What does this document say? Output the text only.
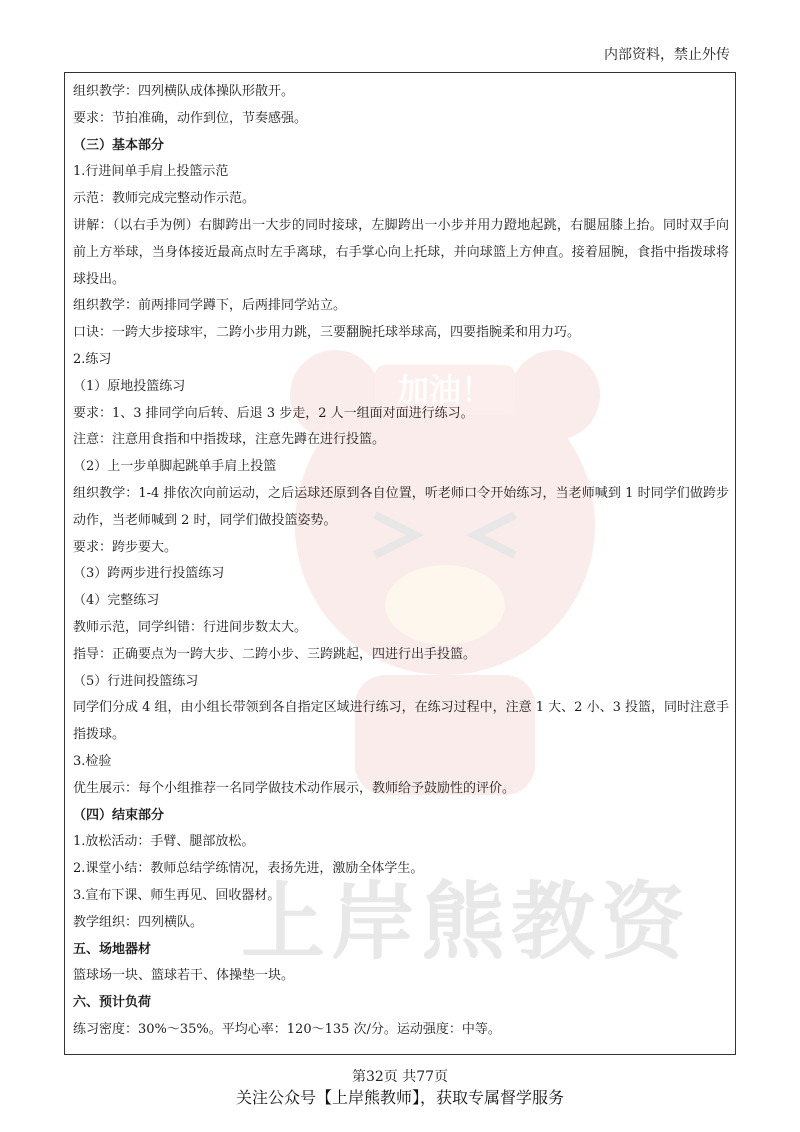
内部资料，禁止外传
加油！
上岸熊教资
组织教学：四列横队成体操队形散开。
要求：节拍准确，动作到位，节奏感强。
（三）基本部分
1.行进间单手肩上投篮示范
示范：教师完成完整动作示范。
讲解：（以右手为例）右脚跨出一大步的同时接球，左脚跨出一小步并用力蹬地起跳，右腿屈膝上抬。同时双手向前上方举球，当身体接近最高点时左手离球，右手掌心向上托球，并向球篮上方伸直。接着屈腕，食指中指拨球将球投出。
组织教学：前两排同学蹲下，后两排同学站立。
口诀：一跨大步接球牢，二跨小步用力跳，三要翻腕托球举球高，四要指腕柔和用力巧。
2.练习
（1）原地投篮练习
要求：1、3 排同学向后转、后退 3 步走，2 人一组面对面进行练习。
注意：注意用食指和中指拨球，注意先蹲在进行投篮。
（2）上一步单脚起跳单手肩上投篮
组织教学：1-4 排依次向前运动，之后运球还原到各自位置，听老师口令开始练习，当老师喊到 1 时同学们做跨步动作，当老师喊到 2 时，同学们做投篮姿势。
要求：跨步要大。
（3）跨两步进行投篮练习
（4）完整练习
教师示范，同学纠错：行进间步数太大。
指导：正确要点为一跨大步、二跨小步、三跨跳起，四进行出手投篮。
（5）行进间投篮练习
同学们分成 4 组，由小组长带领到各自指定区域进行练习，在练习过程中，注意 1 大、2 小、3 投篮，同时注意手指拨球。
3.检验
优生展示：每个小组推荐一名同学做技术动作展示，教师给予鼓励性的评价。
（四）结束部分
1.放松活动：手臂、腿部放松。
2.课堂小结：教师总结学练情况，表扬先进，激励全体学生。
3.宣布下课、师生再见、回收器材。
教学组织：四列横队。
五、场地器材
篮球场一块、篮球若干、体操垫一块。
六、预计负荷
练习密度：30%～35%。平均心率：120～135 次/分。运动强度：中等。
第32页 共77页
关注公众号【上岸熊教师】，获取专属督学服务
